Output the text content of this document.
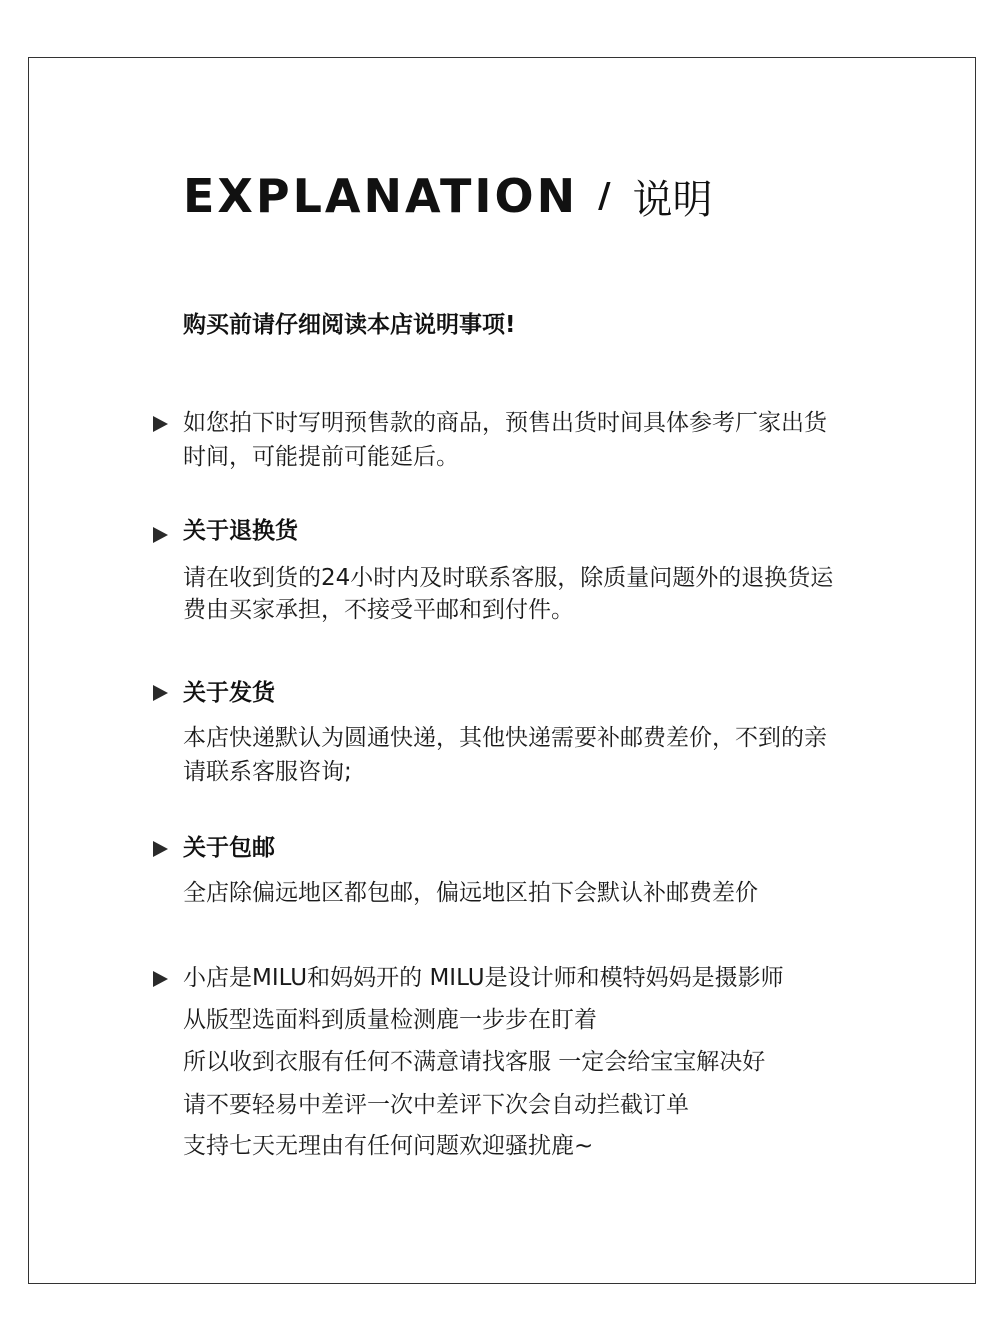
EXPLANATION / 说明
购买前请仔细阅读本店说明事项!
如您拍下时写明预售款的商品，预售出货时间具体参考厂家出货
时间，可能提前可能延后。
关于退换货
请在收到货的24小时内及时联系客服，除质量问题外的退换货运
费由买家承担，不接受平邮和到付件。
关于发货
本店快递默认为圆通快递，其他快递需要补邮费差价，不到的亲
请联系客服咨询;
关于包邮
全店除偏远地区都包邮，偏远地区拍下会默认补邮费差价
小店是MILU和妈妈开的 MILU是设计师和模特妈妈是摄影师
从版型选面料到质量检测鹿一步步在盯着
所以收到衣服有任何不满意请找客服 一定会给宝宝解决好
请不要轻易中差评一次中差评下次会自动拦截订单
支持七天无理由有任何问题欢迎骚扰鹿~
